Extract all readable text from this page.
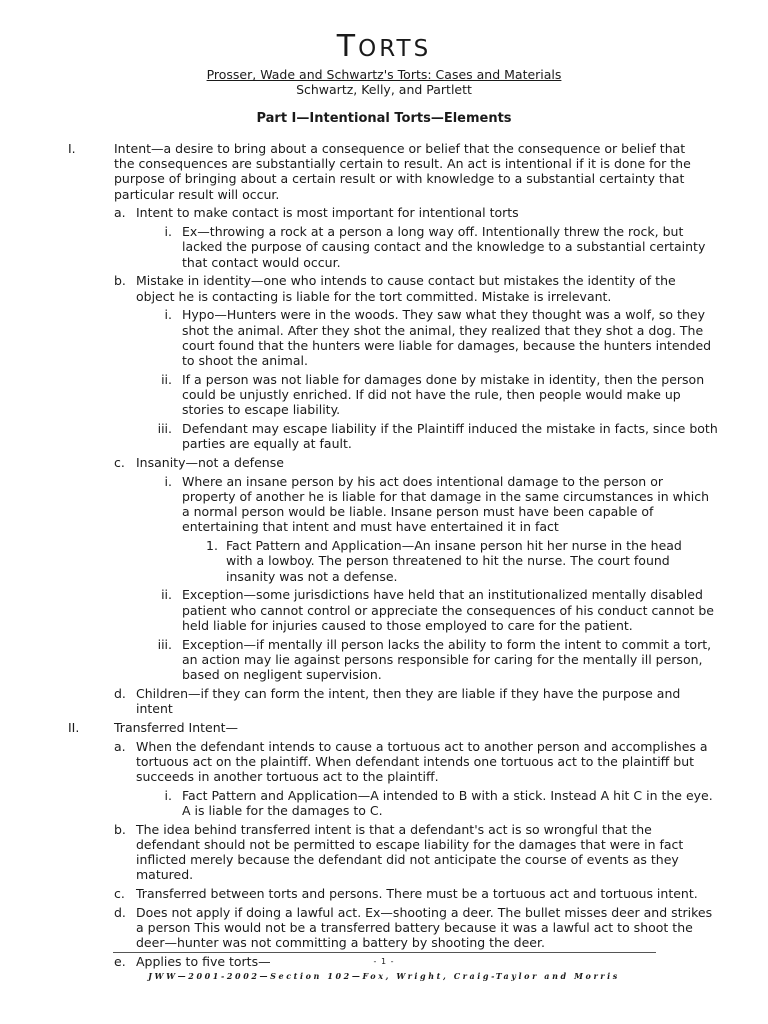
TORTS
Prosser, Wade and Schwartz's Torts: Cases and Materials
Schwartz, Kelly, and Partlett
Part I—Intentional Torts—Elements
I.	Intent—a desire to bring about a consequence or belief that the consequence or belief that the consequences are substantially certain to result. An act is intentional if it is done for the purpose of bringing about a certain result or with knowledge to a substantial certainty that particular result will occur.
a. Intent to make contact is most important for intentional torts
i. Ex—throwing a rock at a person a long way off. Intentionally threw the rock, but lacked the purpose of causing contact and the knowledge to a substantial certainty that contact would occur.
b. Mistake in identity—one who intends to cause contact but mistakes the identity of the object he is contacting is liable for the tort committed. Mistake is irrelevant.
i. Hypo—Hunters were in the woods. They saw what they thought was a wolf, so they shot the animal. After they shot the animal, they realized that they shot a dog. The court found that the hunters were liable for damages, because the hunters intended to shoot the animal.
ii. If a person was not liable for damages done by mistake in identity, then the person could be unjustly enriched. If did not have the rule, then people would make up stories to escape liability.
iii. Defendant may escape liability if the Plaintiff induced the mistake in facts, since both parties are equally at fault.
c. Insanity—not a defense
i. Where an insane person by his act does intentional damage to the person or property of another he is liable for that damage in the same circumstances in which a normal person would be liable. Insane person must have been capable of entertaining that intent and must have entertained it in fact
1. Fact Pattern and Application—An insane person hit her nurse in the head with a lowboy. The person threatened to hit the nurse. The court found insanity was not a defense.
ii. Exception—some jurisdictions have held that an institutionalized mentally disabled patient who cannot control or appreciate the consequences of his conduct cannot be held liable for injuries caused to those employed to care for the patient.
iii. Exception—if mentally ill person lacks the ability to form the intent to commit a tort, an action may lie against persons responsible for caring for the mentally ill person, based on negligent supervision.
d. Children—if they can form the intent, then they are liable if they have the purpose and intent
II.	Transferred Intent—
a. When the defendant intends to cause a tortuous act to another person and accomplishes a tortuous act on the plaintiff. When defendant intends one tortuous act to the plaintiff but succeeds in another tortuous act to the plaintiff.
i. Fact Pattern and Application—A intended to B with a stick. Instead A hit C in the eye. A is liable for the damages to C.
b. The idea behind transferred intent is that a defendant's act is so wrongful that the defendant should not be permitted to escape liability for the damages that were in fact inflicted merely because the defendant did not anticipate the course of events as they matured.
c. Transferred between torts and persons. There must be a tortuous act and tortuous intent.
d. Does not apply if doing a lawful act. Ex—shooting a deer. The bullet misses deer and strikes a person This would not be a transferred battery because it was a lawful act to shoot the deer—hunter was not committing a battery by shooting the deer.
e. Applies to five torts—	- 1 -
JWW—2001-2002—Section 102—Fox, Wright, Craig-Taylor and Morris
